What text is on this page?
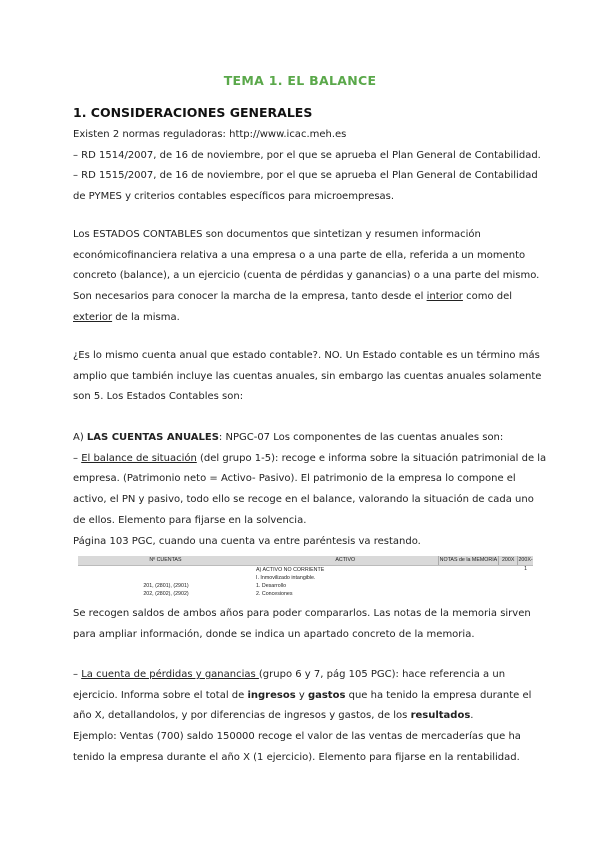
TEMA 1. EL BALANCE
1. CONSIDERACIONES GENERALES
Existen 2 normas reguladoras: http://www.icac.meh.es
– RD 1514/2007, de 16 de noviembre, por el que se aprueba el Plan General de Contabilidad.
– RD 1515/2007, de 16 de noviembre, por el que se aprueba el Plan General de Contabilidad
de PYMES y criterios contables específicos para microempresas.
Los ESTADOS CONTABLES son documentos que sintetizan y resumen información
económicofinanciera relativa a una empresa o a una parte de ella, referida a un momento
concreto (balance), a un ejercicio (cuenta de pérdidas y ganancias) o a una parte del mismo.
Son necesarios para conocer la marcha de la empresa, tanto desde el interior como del
exterior de la misma.
¿Es lo mismo cuenta anual que estado contable?. NO. Un Estado contable es un término más
amplio que también incluye las cuentas anuales, sin embargo las cuentas anuales solamente
son 5. Los Estados Contables son:
A) LAS CUENTAS ANUALES: NPGC-07 Los componentes de las cuentas anuales son:
– El balance de situación (del grupo 1-5): recoge e informa sobre la situación patrimonial de la
empresa. (Patrimonio neto = Activo- Pasivo). El patrimonio de la empresa lo compone el
activo, el PN y pasivo, todo ello se recoge en el balance, valorando la situación de cada uno
de ellos. Elemento para fijarse en la solvencia.
Página 103 PGC, cuando una cuenta va entre paréntesis va restando.
Nº CUENTAS	ACTIVO	NOTAS de la MEMORIA 200X 200X-1
A) ACTIVO NO CORRIENTE
I. Inmovilizado intangible.
201, (2801), (2901)	1. Desarrollo
202, (2802), (2902)	2. Concesiones
Se recogen saldos de ambos años para poder compararlos. Las notas de la memoria sirven
para ampliar información, donde se indica un apartado concreto de la memoria.
– La cuenta de pérdidas y ganancias (grupo 6 y 7, pág 105 PGC): hace referencia a un
ejercicio. Informa sobre el total de ingresos y gastos que ha tenido la empresa durante el
año X, detallandolos, y por diferencias de ingresos y gastos, de los resultados.
Ejemplo: Ventas (700) saldo 150000 recoge el valor de las ventas de mercaderías que ha
tenido la empresa durante el año X (1 ejercicio). Elemento para fijarse en la rentabilidad.
